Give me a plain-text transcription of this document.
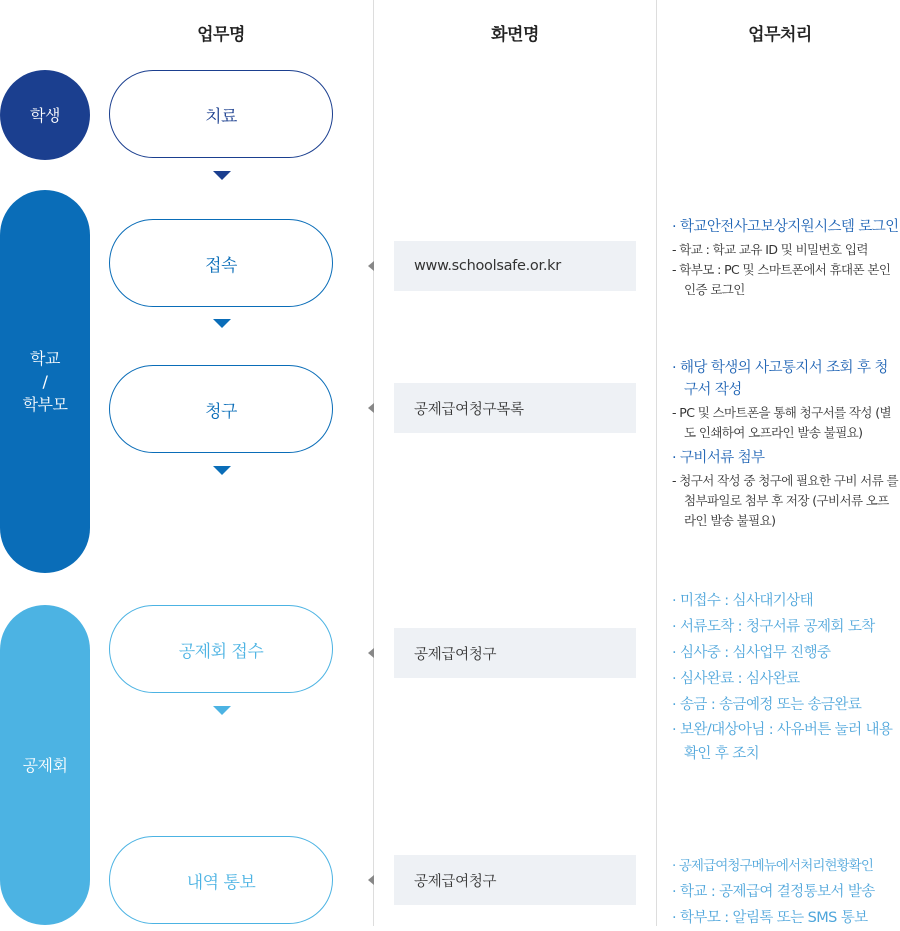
업무명	화면명	업무처리
학생
학교
/
학부모
공제회
치료
접속
청구
공제회 접수
내역 통보
www.schoolsafe.or.kr
공제급여청구목록
공제급여청구
공제급여청구
· 학교안전사고보상지원시스템 로그인
- 학교 : 학교 교유 ID 및 비밀번호 입력
- 학부모 : PC 및 스마트폰에서 휴대폰 본인인증 로그인
· 해당 학생의 사고통지서 조회 후 청구서 작성
- PC 및 스마트폰을 통해 청구서를 작성 (별도 인쇄하여 오프라인 발송 불필요)
· 구비서류 첨부
- 청구서 작성 중 청구에 필요한 구비 서류 를 첨부파일로 첨부 후 저장 (구비서류 오프라인 발송 불필요)
· 미접수 : 심사대기상태
· 서류도착 : 청구서류 공제회 도착
· 심사중 : 심사업무 진행중
· 심사완료 : 심사완료
· 송금 : 송금예정 또는 송금완료
· 보완/대상아님 : 사유버튼 눌러 내용확인 후 조치
· 공제급여청구메뉴에서처리현황확인
· 학교 : 공제급여 결정통보서 발송
· 학부모 : 알림톡 또는 SMS 통보
